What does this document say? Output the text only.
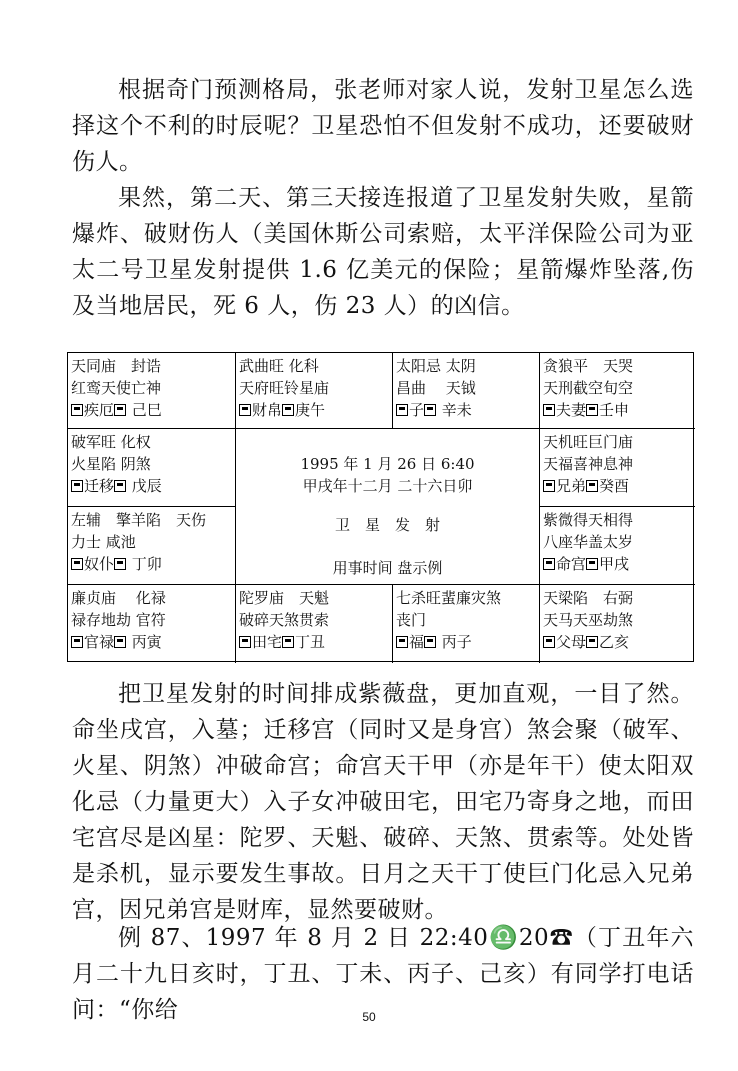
根据奇门预测格局，张老师对家人说，发射卫星怎么选择这个不利的时辰呢？卫星恐怕不但发射不成功，还要破财伤人。

果然，第二天、第三天接连报道了卫星发射失败，星箭爆炸、破财伤人（美国休斯公司索赔，太平洋保险公司为亚太二号卫星发射提供 1.6 亿美元的保险；星箭爆炸坠落,伤及当地居民，死 6 人，伤 23 人）的凶信。

天同庙　封诰
红鸾天使亡神
疾厄 己巳
武曲旺 化科
天府旺铃星庙
财帛 庚午
太阳忌 太阴
昌曲　 天钺
子 辛未
贪狼平　天哭
天刑截空旬空
夫妻 壬申
破军旺 化权
火星陷 阴煞
迁移 戊辰
1995 年 1 月 26 日 6:40
甲戌年十二月 二十六日卯
卫　星　发　射
用事时间 盘示例
天机旺巨门庙
天福喜神息神
兄弟 癸酉
左辅　擎羊陷　天伤
力士 咸池
奴仆 丁卯
紫微得天相得
八座华盖太岁
命宫 甲戌
廉贞庙　 化禄
禄存地劫 官符
官禄 丙寅
陀罗庙　天魁
破碎天煞贯索
田宅 丁丑
七杀旺蜚廉灾煞
丧门
福 丙子
天梁陷　右弼
天马天巫劫煞
父母 乙亥

把卫星发射的时间排成紫薇盘，更加直观，一目了然。命坐戌宫，入墓；迁移宫（同时又是身宫）煞会聚（破军、火星、阴煞）冲破命宫；命宫天干甲（亦是年干）使太阳双化忌（力量更大）入子女冲破田宅，田宅乃寄身之地，而田宅宫尽是凶星：陀罗、天魁、破碎、天煞、贯索等。处处皆是杀机，显示要发生事故。日月之天干丁使巨门化忌入兄弟宫，因兄弟宫是财库，显然要破财。

例 87、1997 年 8 月 2 日 22:40♎20☎（丁丑年六月二十九日亥时，丁丑、丁未、丙子、己亥）有同学打电话问：“你给	50
